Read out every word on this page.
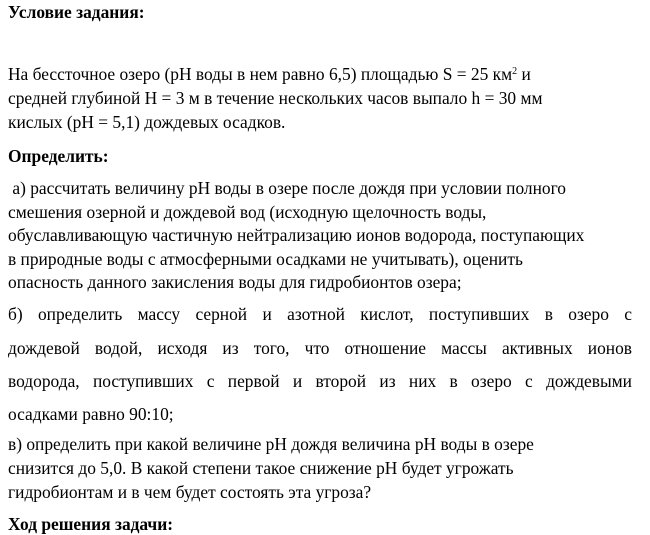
Условие задания:
На бессточное озеро (pH воды в нем равно 6,5) площадью S = 25 $км^2$ и
средней глубиной H = 3 м в течение нескольких часов выпало h = 30 мм
кислых (pH = 5,1) дождевых осадков.
Определить:
а) рассчитать величину pH воды в озере после дождя при условии полного
смешения озерной и дождевой вод (исходную щелочность воды,
обуславливающую частичную нейтрализацию ионов водорода, поступающих
в природные воды с атмосферными осадками не учитывать), оценить
опасность данного закисления воды для гидробионтов озера;
б) определить массу серной и азотной кислот, поступивших в озеро с
дождевой водой, исходя из того, что отношение массы активных ионов
водорода, поступивших с первой и второй из них в озеро с дождевыми
осадками равно 90:10;
в) определить при какой величине pH дождя величина pH воды в озере
снизится до 5,0. В какой степени такое снижение pH будет угрожать
гидробионтам и в чем будет состоять эта угроза?
Ход решения задачи:
